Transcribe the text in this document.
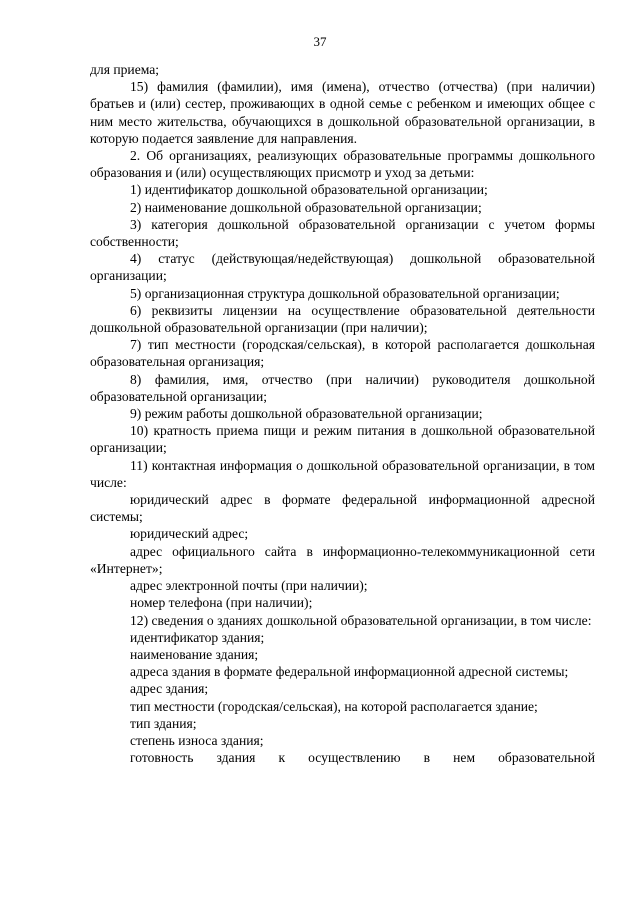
37

для приема;

15) фамилия (фамилии), имя (имена), отчество (отчества) (при наличии) братьев и (или) сестер, проживающих в одной семье с ребенком и имеющих общее с ним место жительства, обучающихся в дошкольной образовательной организации, в которую подается заявление для направления.

2. Об организациях, реализующих образовательные программы дошкольного образования и (или) осуществляющих присмотр и уход за детьми:

1) идентификатор дошкольной образовательной организации;

2) наименование дошкольной образовательной организации;

3) категория дошкольной образовательной организации с учетом формы собственности;

4) статус (действующая/недействующая) дошкольной образовательной организации;

5) организационная структура дошкольной образовательной организации;

6) реквизиты лицензии на осуществление образовательной деятельности дошкольной образовательной организации (при наличии);

7) тип местности (городская/сельская), в которой располагается дошкольная образовательная организация;

8) фамилия, имя, отчество (при наличии) руководителя дошкольной образовательной организации;

9) режим работы дошкольной образовательной организации;

10) кратность приема пищи и режим питания в дошкольной образовательной организации;

11) контактная информация о дошкольной образовательной организации, в том числе:

юридический адрес в формате федеральной информационной адресной системы;

юридический адрес;

адрес официального сайта в информационно-телекоммуникационной сети «Интернет»;

адрес электронной почты (при наличии);

номер телефона (при наличии);

12) сведения о зданиях дошкольной образовательной организации, в том числе:

идентификатор здания;

наименование здания;

адреса здания в формате федеральной информационной адресной системы;

адрес здания;

тип местности (городская/сельская), на которой располагается здание;

тип здания;

степень износа здания;

готовность здания к осуществлению в нем образовательной
